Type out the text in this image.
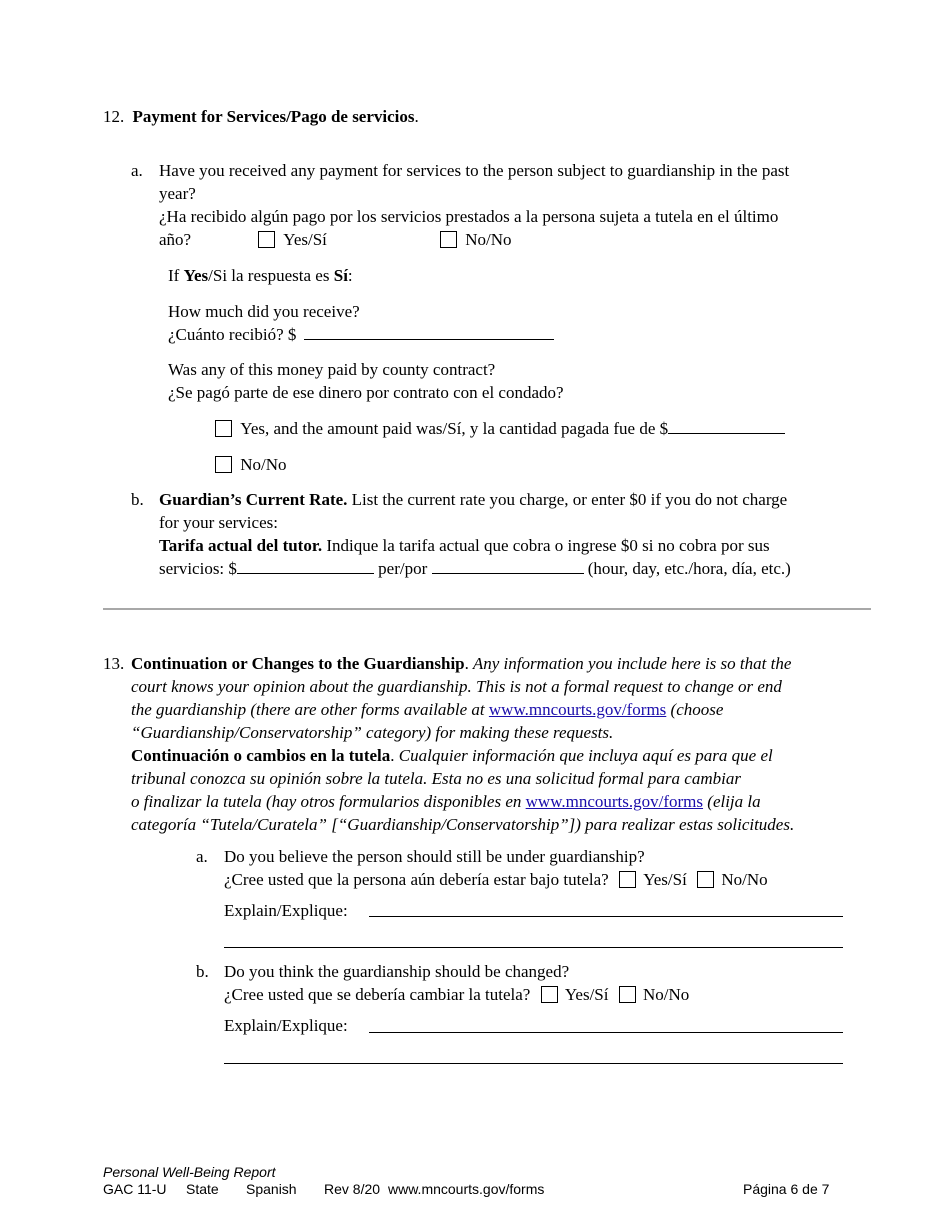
12. Payment for Services/Pago de servicios.
a. Have you received any payment for services to the person subject to guardianship in the past
year?
¿Ha recibido algún pago por los servicios prestados a la persona sujeta a tutela en el último
año?	Yes/Sí	No/No
If Yes/Si la respuesta es Sí:
How much did you receive?
¿Cuánto recibió? $
Was any of this money paid by county contract?
¿Se pagó parte de ese dinero por contrato con el condado?
Yes, and the amount paid was/Sí, y la cantidad pagada fue de $
No/No
b. Guardian’s Current Rate. List the current rate you charge, or enter $0 if you do not charge
for your services:
Tarifa actual del tutor. Indique la tarifa actual que cobra o ingrese $0 si no cobra por sus
servicios: $	per/por	(hour, day, etc./hora, día, etc.)
13. Continuation or Changes to the Guardianship. Any information you include here is so that the
court knows your opinion about the guardianship. This is not a formal request to change or end
the guardianship (there are other forms available at www.mncourts.gov/forms (choose
“Guardianship/Conservatorship” category) for making these requests.
Continuación o cambios en la tutela. Cualquier información que incluya aquí es para que el
tribunal conozca su opinión sobre la tutela. Esta no es una solicitud formal para cambiar
o finalizar la tutela (hay otros formularios disponibles en www.mncourts.gov/forms (elija la
categoría “Tutela/Curatela” [“Guardianship/Conservatorship”]) para realizar estas solicitudes.
a. Do you believe the person should still be under guardianship?
¿Cree usted que la persona aún debería estar bajo tutela? Yes/Sí No/No
Explain/Explique:
b. Do you think the guardianship should be changed?
¿Cree usted que se debería cambiar la tutela? Yes/Sí No/No
Explain/Explique:
Personal Well-Being Report
GAC 11-U State Spanish Rev 8/20 www.mncourts.gov/forms	Página 6 de 7
